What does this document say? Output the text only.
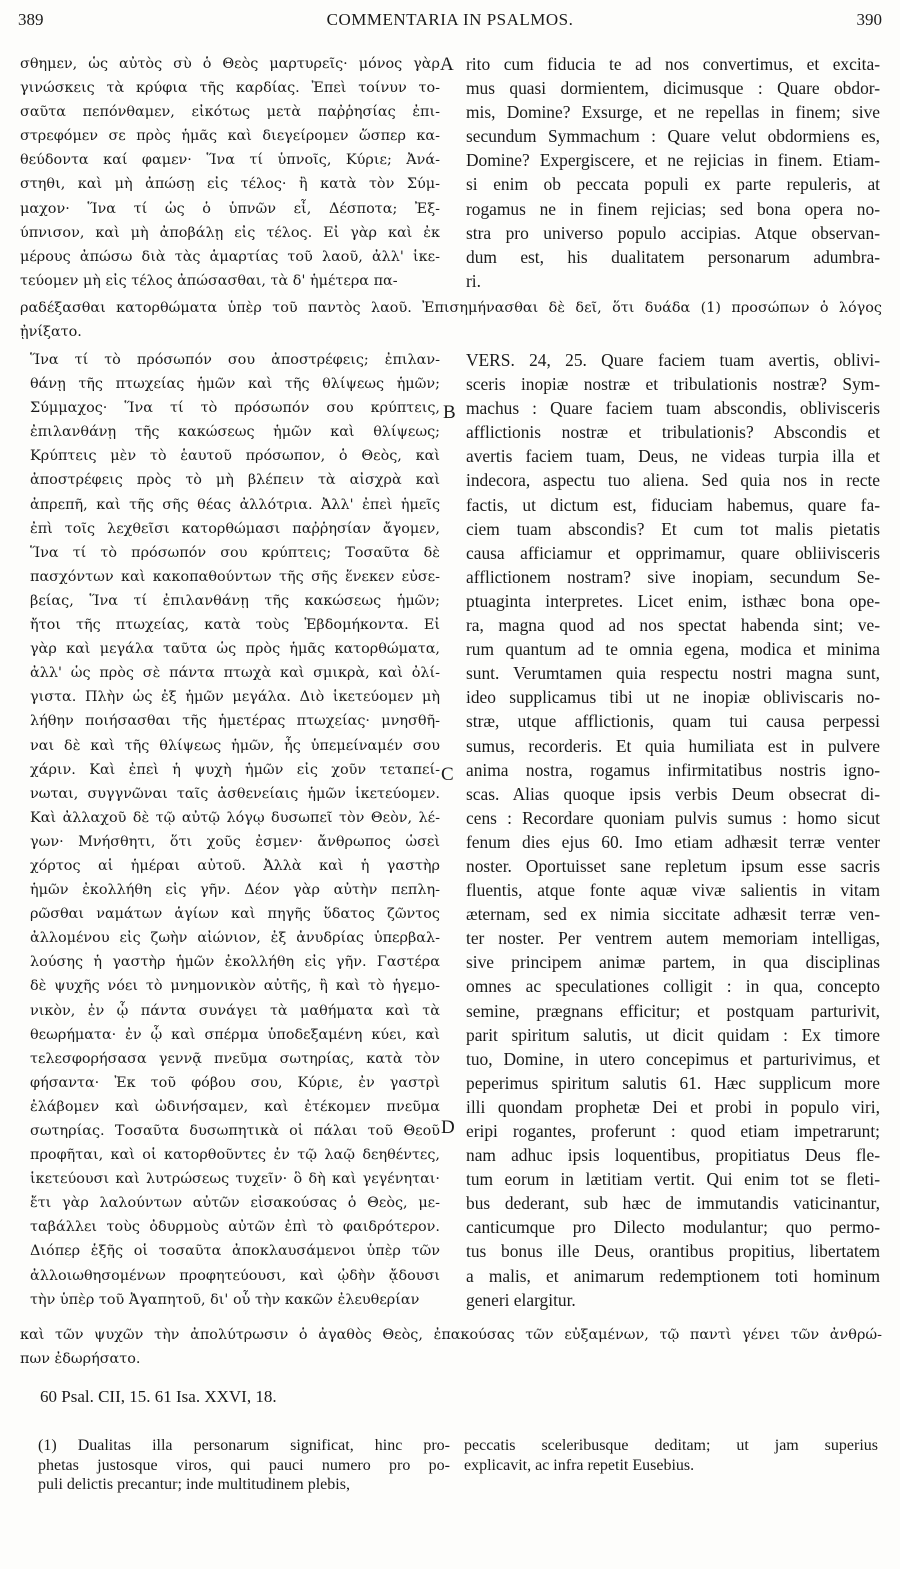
389	COMMENTARIA IN PSALMOS.	390
σθημεν, ὡς αὐτὸς σὺ ὁ Θεὸς μαρτυρεῖς· μόνος γὰρ
γινώσκεις τὰ κρύφια τῆς καρδίας. Ἐπεὶ τοίνυν το-
σαῦτα πεπόνθαμεν, εἰκότως μετὰ παῤῥησίας ἐπι-
στρεφόμεν σε πρὸς ἡμᾶς καὶ διεγείρομεν ὥσπερ κα-
θεύδοντα καί φαμεν· Ἵνα τί ὑπνοῖς, Κύριε; Ἀνά-
στηθι, καὶ μὴ ἀπώσῃ εἰς τέλος· ἢ κατὰ τὸν Σύμ-
μαχον· Ἵνα τί ὡς ὁ ὑπνῶν εἶ, Δέσποτα; Ἐξ-
ύπνισον, καὶ μὴ ἀποβάλῃ εἰς τέλος. Εἰ γὰρ καὶ ἐκ
μέρους ἀπώσω διὰ τὰς ἁμαρτίας τοῦ λαοῦ, ἀλλ' ἱκε-
τεύομεν μὴ εἰς τέλος ἀπώσασθαι, τὰ δ' ἡμέτερα πα-
A rito cum fiducia te ad nos convertimus, et excita-
mus quasi dormientem, dicimusque : Quare obdor-
mis, Domine? Exsurge, et ne repellas in finem; sive
secundum Symmachum : Quare velut obdormiens es,
Domine? Expergiscere, et ne rejicias in finem. Etiam-
si enim ob peccata populi ex parte repuleris, at
rogamus ne in finem rejicias; sed bona opera no-
stra pro universo populo accipias. Atque observan-
dum est, his dualitatem personarum adumbra-
ri.
ραδέξασθαι κατορθώματα ὑπὲρ τοῦ παντὸς λαοῦ. Ἐπισημήνασθαι δὲ δεῖ, ὅτι δυάδα (1) προσώπων ὁ λόγος
ᾐνίξατο.
Ἵνα τί τὸ πρόσωπόν σου ἀποστρέφεις; ἐπιλαν-
θάνῃ τῆς πτωχείας ἡμῶν καὶ τῆς θλίψεως ἡμῶν;
Σύμμαχος· Ἵνα τί τὸ πρόσωπόν σου κρύπτεις,
ἐπιλανθάνῃ τῆς κακώσεως ἡμῶν καὶ θλίψεως;
Κρύπτεις μὲν τὸ ἑαυτοῦ πρόσωπον, ὁ Θεὸς, καὶ
ἀποστρέφεις πρὸς τὸ μὴ βλέπειν τὰ αἰσχρὰ καὶ
ἀπρεπῆ, καὶ τῆς σῆς θέας ἀλλότρια. Ἀλλ' ἐπεὶ ἡμεῖς
ἐπὶ τοῖς λεχθεῖσι κατορθώμασι παῤῥησίαν ἄγομεν,
Ἵνα τί τὸ πρόσωπόν σου κρύπτεις; Τοσαῦτα δὲ
πασχόντων καὶ κακοπαθούντων τῆς σῆς ἕνεκεν εὐσε-
βείας, Ἵνα τί ἐπιλανθάνῃ τῆς κακώσεως ἡμῶν;
ἤτοι τῆς πτωχείας, κατὰ τοὺς Ἑβδομήκοντα. Εἰ
γὰρ καὶ μεγάλα ταῦτα ὡς πρὸς ἡμᾶς κατορθώματα,
ἀλλ' ὡς πρὸς σὲ πάντα πτωχὰ καὶ σμικρὰ, καὶ ὀλί-
γιστα. Πλὴν ὡς ἐξ ἡμῶν μεγάλα. Διὸ ἱκετεύομεν μὴ
λήθην ποιήσασθαι τῆς ἡμετέρας πτωχείας· μνησθῆ-
ναι δὲ καὶ τῆς θλίψεως ἡμῶν, ἧς ὑπεμείναμέν σου
χάριν. Καὶ ἐπεὶ ἡ ψυχὴ ἡμῶν εἰς χοῦν τεταπεί-
νωται, συγγνῶναι ταῖς ἀσθενείαις ἡμῶν ἱκετεύομεν.
Καὶ ἀλλαχοῦ δὲ τῷ αὐτῷ λόγῳ δυσωπεῖ τὸν Θεὸν, λέ-
γων· Μνήσθητι, ὅτι χοῦς ἐσμεν· ἄνθρωπος ὡσεὶ
χόρτος αἱ ἡμέραι αὐτοῦ. Ἀλλὰ καὶ ἡ γαστὴρ
ἡμῶν ἐκολλήθη εἰς γῆν. Δέον γὰρ αὐτὴν πεπλη-
ρῶσθαι ναμάτων ἁγίων καὶ πηγῆς ὕδατος ζῶντος
ἀλλομένου εἰς ζωὴν αἰώνιον, ἐξ ἀνυδρίας ὑπερβαλ-
λούσης ἡ γαστὴρ ἡμῶν ἐκολλήθη εἰς γῆν. Γαστέρα
δὲ ψυχῆς νόει τὸ μνημονικὸν αὐτῆς, ἢ καὶ τὸ ἡγεμο-
νικὸν, ἐν ᾧ πάντα συνάγει τὰ μαθήματα καὶ τὰ
θεωρήματα· ἐν ᾧ καὶ σπέρμα ὑποδεξαμένη κύει, καὶ
τελεσφορήσασα γεννᾷ πνεῦμα σωτηρίας, κατὰ τὸν
φήσαντα· Ἐκ τοῦ φόβου σου, Κύριε, ἐν γαστρὶ
ἐλάβομεν καὶ ὠδινήσαμεν, καὶ ἐτέκομεν πνεῦμα
σωτηρίας. Τοσαῦτα δυσωπητικὰ οἱ πάλαι τοῦ Θεοῦ
προφῆται, καὶ οἱ κατορθοῦντες ἐν τῷ λαῷ δεηθέντες,
ἱκετεύουσι καὶ λυτρώσεως τυχεῖν· ὃ δὴ καὶ γεγένηται·
ἔτι γὰρ λαλούντων αὐτῶν εἰσακούσας ὁ Θεὸς, με-
ταβάλλει τοὺς ὀδυρμοὺς αὐτῶν ἐπὶ τὸ φαιδρότερον.
Διόπερ ἑξῆς οἱ τοσαῦτα ἀποκλαυσάμενοι ὑπὲρ τῶν
ἀλλοιωθησομένων προφητεύουσι, καὶ ᾠδὴν ᾄδουσι
τὴν ὑπὲρ τοῦ Ἀγαπητοῦ, δι' οὗ τὴν κακῶν ἐλευθερίαν
B
C
D
VERS. 24, 25. Quare faciem tuam avertis, oblivi-
sceris inopiæ nostræ et tribulationis nostræ? Sym-
machus : Quare faciem tuam abscondis, oblivisceris
afflictionis nostræ et tribulationis? Abscondis et
avertis faciem tuam, Deus, ne videas turpia illa et
indecora, aspectu tuo aliena. Sed quia nos in recte
factis, ut dictum est, fiduciam habemus, quare fa-
ciem tuam abscondis? Et cum tot malis pietatis
causa afficiamur et opprimamur, quare obliivisceris
afflictionem nostram? sive inopiam, secundum Se-
ptuaginta interpretes. Licet enim, isthæc bona ope-
ra, magna quod ad nos spectat habenda sint; ve-
rum quantum ad te omnia egena, modica et minima
sunt. Verumtamen quia respectu nostri magna sunt,
ideo supplicamus tibi ut ne inopiæ obliviscaris no-
stræ, utque afflictionis, quam tui causa perpessi
sumus, recorderis. Et quia humiliata est in pulvere
anima nostra, rogamus infirmitatibus nostris igno-
scas. Alias quoque ipsis verbis Deum obsecrat di-
cens : Recordare quoniam pulvis sumus : homo sicut
fenum dies ejus 60. Imo etiam adhæsit terræ venter
noster. Oportuisset sane repletum ipsum esse sacris
fluentis, atque fonte aquæ vivæ salientis in vitam
æternam, sed ex nimia siccitate adhæsit terræ ven-
ter noster. Per ventrem autem memoriam intelligas,
sive principem animæ partem, in qua disciplinas
omnes ac speculationes colligit : in qua, concepto
semine, prægnans efficitur; et postquam parturivit,
parit spiritum salutis, ut dicit quidam : Ex timore
tuo, Domine, in utero concepimus et parturivimus, et
peperimus spiritum salutis 61. Hæc supplicum more
illi quondam prophetæ Dei et probi in populo viri,
eripi rogantes, proferunt : quod etiam impetrarunt;
nam adhuc ipsis loquentibus, propitiatus Deus fle-
tum eorum in lætitiam vertit. Qui enim tot se fleti-
bus dederant, sub hæc de immutandis vaticinantur,
canticumque pro Dilecto modulantur; quo permo-
tus bonus ille Deus, orantibus propitius, libertatem
a malis, et animarum redemptionem toti hominum
generi elargitur.
καὶ τῶν ψυχῶν τὴν ἀπολύτρωσιν ὁ ἀγαθὸς Θεὸς, ἐπακούσας τῶν εὐξαμένων, τῷ παντὶ γένει τῶν ἀνθρώ-
πων ἐδωρήσατο.
60 Psal. CII, 15. 61 Isa. XXVI, 18.
(1) Dualitas illa personarum significat, hinc pro-
phetas justosque viros, qui pauci numero pro po-
puli delictis precantur; inde multitudinem plebis,
peccatis sceleribusque deditam; ut jam superius
explicavit, ac infra repetit Eusebius.
